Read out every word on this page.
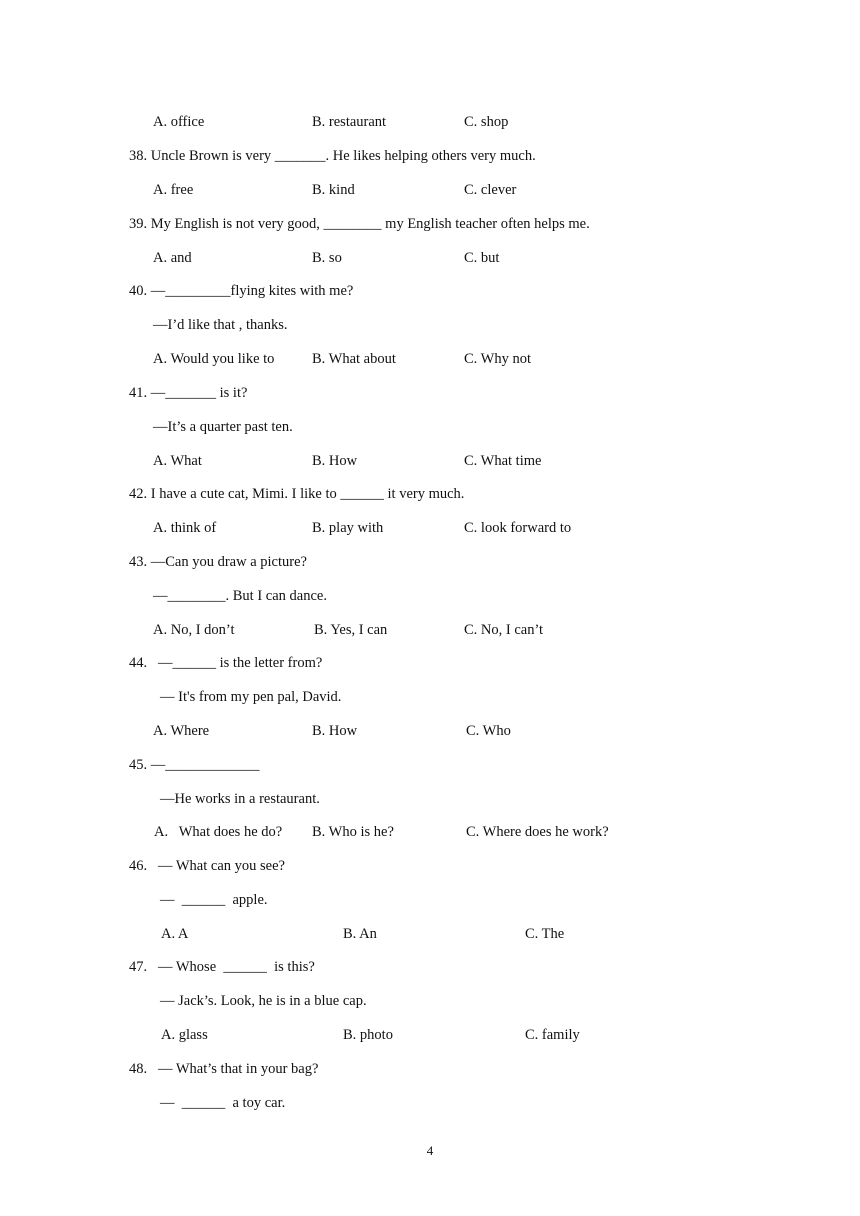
A. office	B. restaurant	C. shop
38. Uncle Brown is very _______. He likes helping others very much.
A. free	B. kind	C. clever
39. My English is not very good, ________ my English teacher often helps me.
A. and	B. so	C. but
40. —_________flying kites with me?
—I’d like that , thanks.
A. Would you like to	B. What about	C. Why not
41. —_______ is it?
—It’s a quarter past ten.
A. What	B. How	C. What time
42. I have a cute cat, Mimi. I like to ______ it very much.
A. think of	B. play with	C. look forward to
43. —Can you draw a picture?
—________. But I can dance.
A. No, I don’t	B. Yes, I can	C. No, I can’t
44.   —______ is the letter from?
— It's from my pen pal, David.
A. Where	B. How	C. Who
45. —_____________
—He works in a restaurant.
A.   What does he do? B. Who is he?	C. Where does he work?
46.   — What can you see?
—  ______  apple.
A. A	B. An	C. The
47.   — Whose  ______  is this?
— Jack’s. Look, he is in a blue cap.
A. glass	B. photo	C. family
48.   — What’s that in your bag?
—  ______  a toy car.
4
